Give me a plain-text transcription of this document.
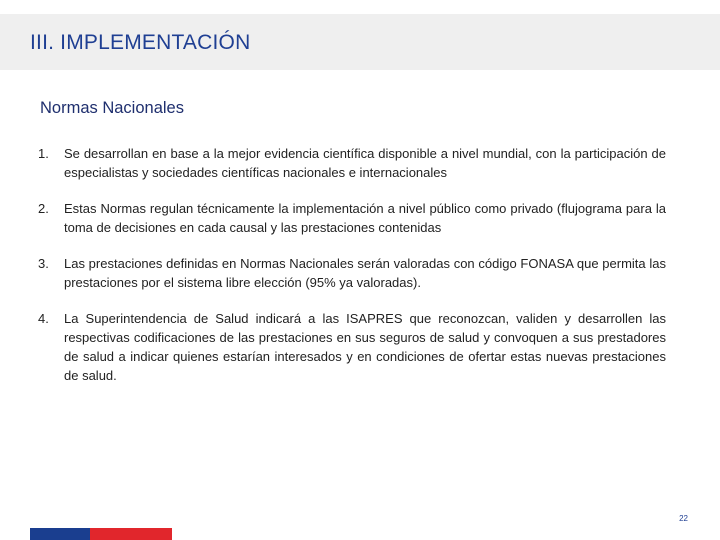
III. IMPLEMENTACIÓN
Normas Nacionales
1.	Se desarrollan en base a la mejor evidencia científica disponible a nivel mundial, con la participación de especialistas y sociedades científicas nacionales e internacionales
2.	Estas Normas regulan técnicamente la implementación a nivel público como privado (flujograma para la toma de decisiones en cada causal y las prestaciones contenidas
3.	Las prestaciones definidas en Normas Nacionales serán valoradas con código FONASA que permita las prestaciones por el sistema libre elección (95% ya valoradas).
4.	La Superintendencia de Salud indicará a las ISAPRES que reconozcan, validen y desarrollen las respectivas codificaciones de las prestaciones en sus seguros de salud y convoquen a sus prestadores de salud a indicar quienes estarían interesados y en condiciones de ofertar estas nuevas prestaciones de salud.
22
